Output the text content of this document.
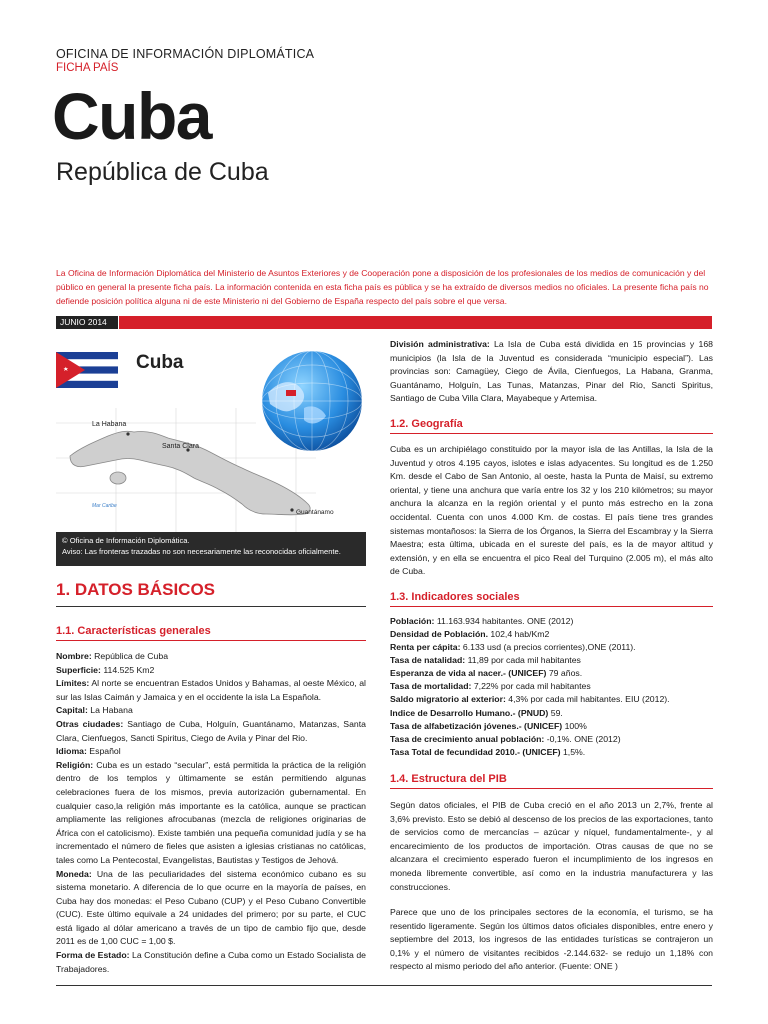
OFICINA DE INFORMACIÓN DIPLOMÁTICA
FICHA PAÍS
Cuba
República de Cuba
La Oficina de Información Diplomática del Ministerio de Asuntos Exteriores y de Cooperación pone a disposición de los profesionales de los medios de comunicación y del público en general la presente ficha país. La información contenida en esta ficha país es pública y se ha extraído de diversos medios no oficiales. La presente ficha país no defiende posición política alguna ni de este Ministerio ni del Gobierno de España respecto del país sobre el que versa.
JUNIO 2014
La Habana
Santa Clara
Mar Caribe
Guantánamo
Cuba
© Oficina de Información Diplomática.
Aviso: Las fronteras trazadas no son necesariamente las reconocidas oficialmente.
1. DATOS BÁSICOS
1.1. Características generales
Nombre: República de Cuba
Superficie: 114.525 Km2
Límites: Al norte se encuentran Estados Unidos y Bahamas, al oeste México, al sur las Islas Caimán y Jamaica y en el occidente la isla La Española.
Capital: La Habana
Otras ciudades: Santiago de Cuba, Holguín, Guantánamo, Matanzas, Santa Clara, Cienfuegos, Sancti Spiritus, Ciego de Avila y Pinar del Rio.
Idioma: Español
Religión: Cuba es un estado “secular”, está permitida la práctica de la religión dentro de los templos y últimamente se están permitiendo algunas celebraciones fuera de los mismos, previa autorización gubernamental. En cualquier caso,la religión más importante es la católica, aunque se practican ampliamente las religiones afrocubanas (mezcla de religiones originarias de África con el catolicismo). Existe también una pequeña comunidad judía y se ha incrementado el número de fieles que asisten a iglesias cristianas no católicas, tales como La Pentecostal, Evangelistas, Bautistas y Testigos de Jehová.
Moneda: Una de las peculiaridades del sistema económico cubano es su sistema monetario. A diferencia de lo que ocurre en la mayoría de países, en Cuba hay dos monedas: el Peso Cubano (CUP) y el Peso Cubano Convertible (CUC). Este último equivale a 24 unidades del primero; por su parte, el CUC está ligado al dólar americano a través de un tipo de cambio fijo que, desde 2011 es de 1,00 CUC = 1,00 $.
Forma de Estado: La Constitución define a Cuba como un Estado Socialista de Trabajadores.
División administrativa: La Isla de Cuba está dividida en 15 provincias y 168 municipios (la Isla de la Juventud es considerada “municipio especial”). Las provincias son: Camagüey, Ciego de Ávila, Cienfuegos, La Habana, Granma, Guantánamo, Holguín, Las Tunas, Matanzas, Pinar del Rio, Sancti Spiritus, Santiago de Cuba Villa Clara, Mayabeque y Artemisa.
1.2. Geografía
Cuba es un archipiélago constituido por la mayor isla de las Antillas, la Isla de la Juventud y otros 4.195 cayos, islotes e islas adyacentes. Su longitud es de 1.250 Km. desde el Cabo de San Antonio, al oeste, hasta la Punta de Maisí, su extremo oriental, y tiene una anchura que varía entre los 32 y los 210 kilómetros; su mayor anchura la alcanza en la región oriental y el punto más estrecho en la zona occidental. Cuenta con unos 4.000 Km. de costas. El país tiene tres grandes sistemas montañosos: la Sierra de los Órganos, la Sierra del Escambray y la Sierra Maestra; esta última, ubicada en el sureste del país, es la de mayor altitud y extensión, y en ella se encuentra el pico Real del Turquino (2.005 m), el más alto de Cuba.
1.3. Indicadores sociales
Población: 11.163.934 habitantes. ONE (2012)
Densidad de Población. 102,4 hab/Km2
Renta per cápita: 6.133 usd (a precios corrientes),ONE (2011).
Tasa de natalidad: 11,89 por cada mil habitantes
Esperanza de vida al nacer.- (UNICEF) 79 años.
Tasa de mortalidad: 7,22% por cada mil habitantes
Saldo migratorio al exterior: 4,3% por cada mil habitantes. EIU (2012).
Indice de Desarrollo Humano.- (PNUD) 59.
Tasa de alfabetización jóvenes.- (UNICEF) 100%
Tasa de crecimiento anual población: -0,1%. ONE (2012)
Tasa Total de fecundidad 2010.- (UNICEF) 1,5%.
1.4. Estructura del PIB
Según datos oficiales, el PIB de Cuba creció en el año 2013 un 2,7%, frente al 3,6% previsto. Esto se debió al descenso de los precios de las exportaciones, tanto de servicios como de mercancías – azúcar y níquel, fundamentalmente-, y al encarecimiento de los productos de importación. Otras causas de que no se alcanzara el crecimiento esperado fueron el incumplimiento de los ingresos en moneda libremente convertible, así como en la industria manufacturera y las construcciones.
Parece que uno de los principales sectores de la economía, el turismo, se ha resentido ligeramente. Según los últimos datos oficiales disponibles, entre enero y septiembre del 2013, los ingresos de las entidades turísticas se contrajeron un 0,1% y el número de visitantes recibidos -2.144.632- se redujo un 1,18% con respecto al mismo periodo del año anterior. (Fuente: ONE )
